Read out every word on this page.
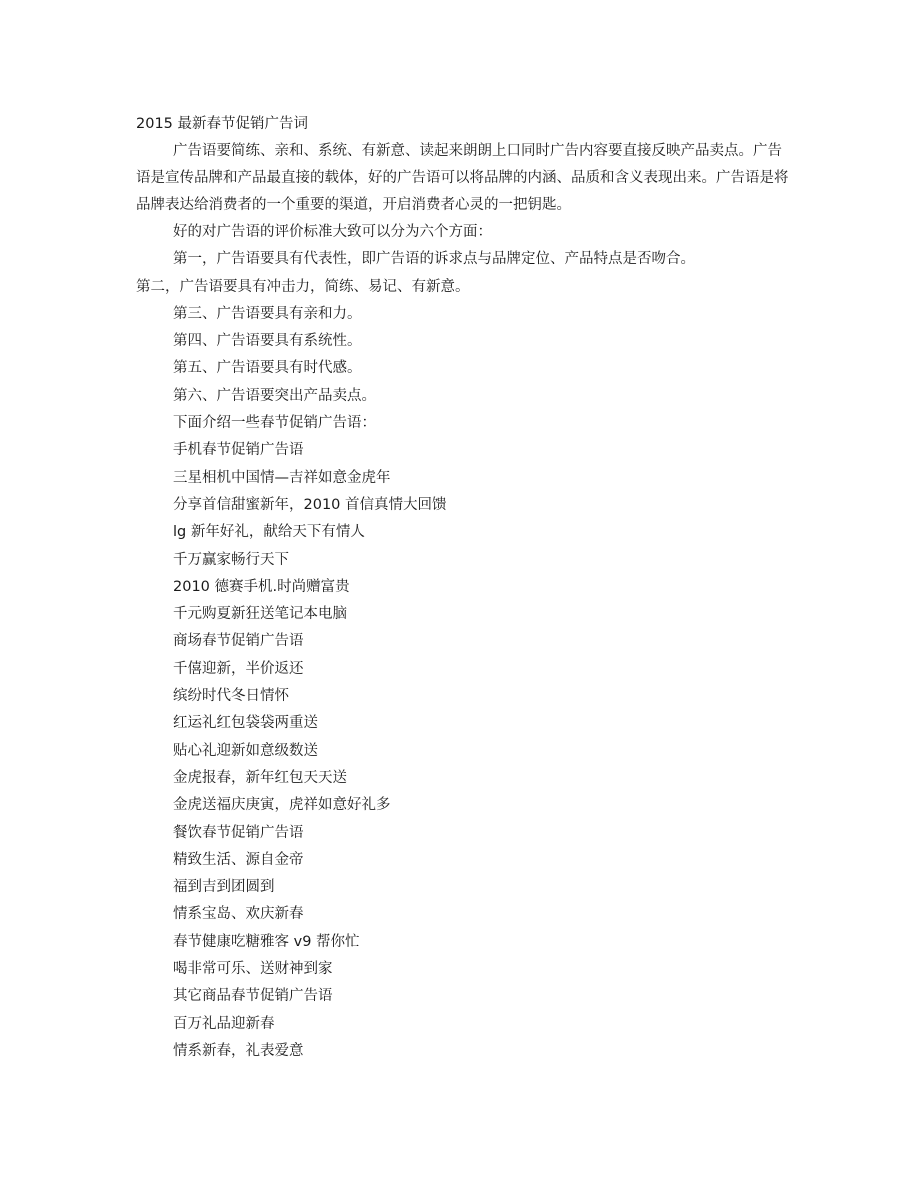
2015 最新春节促销广告词

广告语要简练、亲和、系统、有新意、读起来朗朗上口同时广告内容要直接反映产品卖点。广告语是宣传品牌和产品最直接的载体，好的广告语可以将品牌的内涵、品质和含义表现出来。广告语是将品牌表达给消费者的一个重要的渠道，开启消费者心灵的一把钥匙。

好的对广告语的评价标准大致可以分为六个方面：
第一，广告语要具有代表性，即广告语的诉求点与品牌定位、产品特点是否吻合。
第二，广告语要具有冲击力，简练、易记、有新意。
第三、广告语要具有亲和力。
第四、广告语要具有系统性。
第五、广告语要具有时代感。
第六、广告语要突出产品卖点。
下面介绍一些春节促销广告语：
手机春节促销广告语
三星相机中国情—吉祥如意金虎年
分享首信甜蜜新年，2010 首信真情大回馈
lg 新年好礼，献给天下有情人
千万赢家畅行天下
2010 德赛手机.时尚赠富贵
千元购夏新狂送笔记本电脑
商场春节促销广告语
千僖迎新，半价返还
缤纷时代冬日情怀
红运礼红包袋袋两重送
贴心礼迎新如意级数送
金虎报春，新年红包天天送
金虎送福庆庚寅，虎祥如意好礼多
餐饮春节促销广告语
精致生活、源自金帝
福到吉到团圆到
情系宝岛、欢庆新春
春节健康吃糖雅客 v9 帮你忙
喝非常可乐、送财神到家
其它商品春节促销广告语
百万礼品迎新春
情系新春，礼表爱意
